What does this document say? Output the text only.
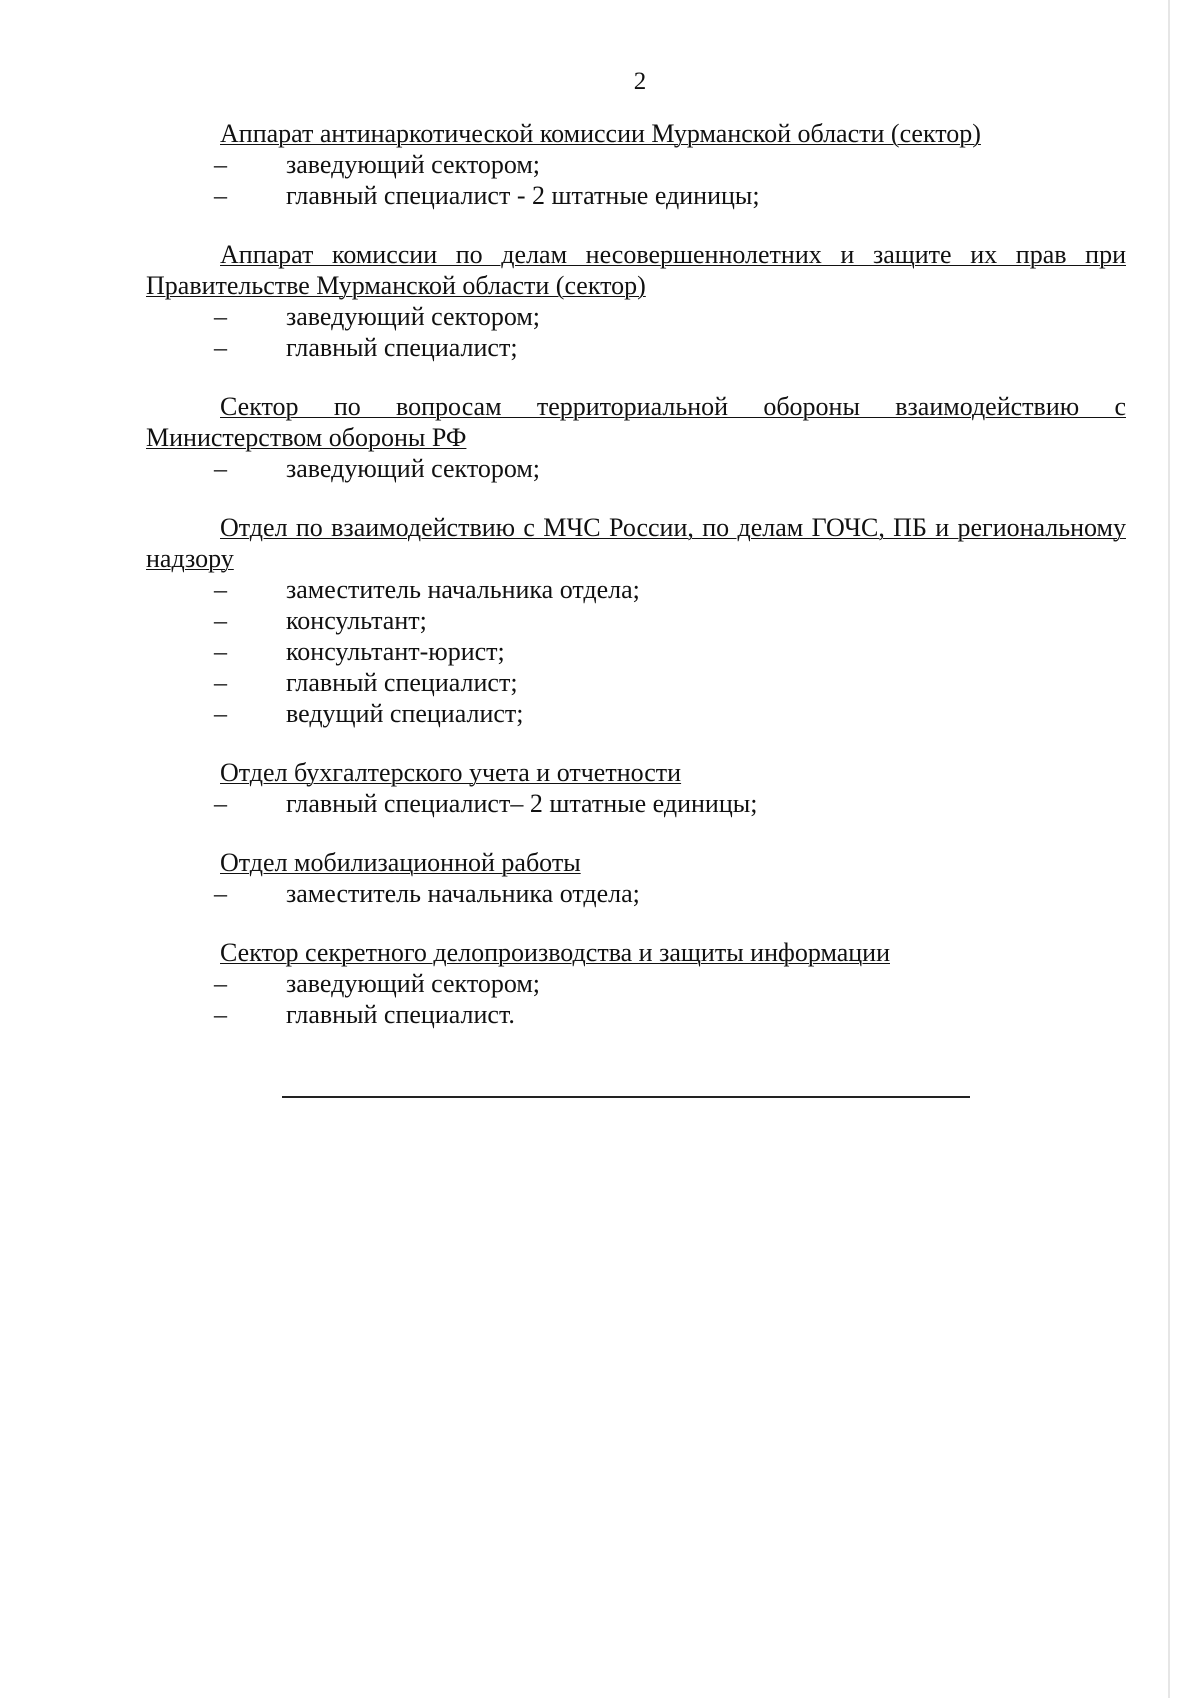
2
Аппарат антинаркотической комиссии Мурманской области (сектор)
– заведующий сектором;
– главный специалист - 2 штатные единицы;
Аппарат комиссии по делам несовершеннолетних и защите их прав при Правительстве Мурманской области (сектор)
– заведующий сектором;
– главный специалист;
Сектор по вопросам территориальной обороны взаимодействию с Министерством обороны РФ
– заведующий сектором;
Отдел по взаимодействию с МЧС России, по делам ГОЧС, ПБ и региональному надзору
– заместитель начальника отдела;
– консультант;
– консультант-юрист;
– главный специалист;
– ведущий специалист;
Отдел бухгалтерского учета и отчетности
– главный специалист– 2 штатные единицы;
Отдел мобилизационной работы
– заместитель начальника отдела;
Сектор секретного делопроизводства и защиты информации
– заведующий сектором;
– главный специалист.
